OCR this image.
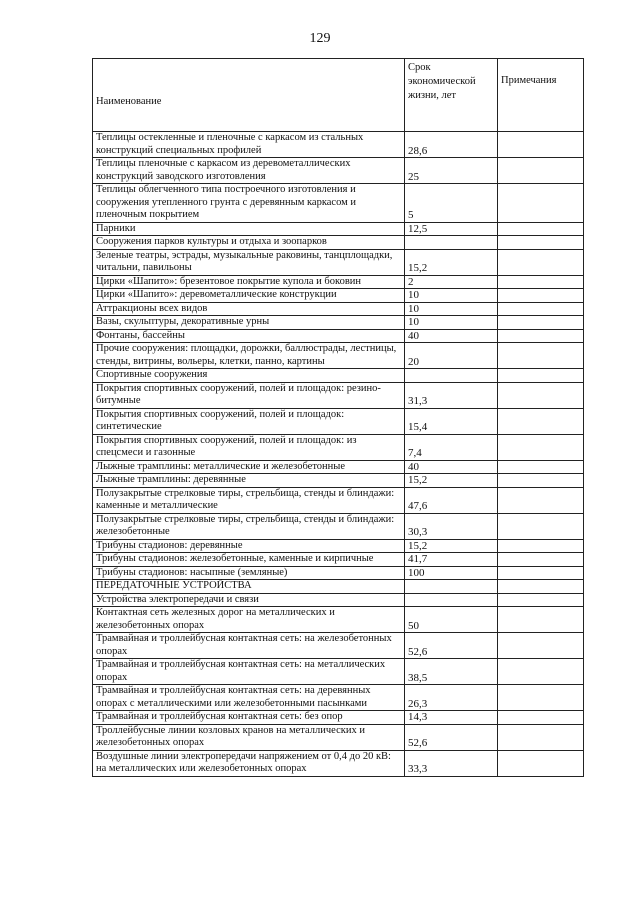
129
Наименование	Срок экономической жизни, лет	Примечания
Теплицы остекленные и пленочные с каркасом из стальных конструкций специальных профилей	28,6	
Теплицы пленочные с каркасом из деревометаллических конструкций заводского изготовления	25	
Теплицы облегченного типа построечного изготовления и сооружения утепленного грунта с деревянным каркасом и пленочным покрытием	5	
Парники	12,5	
Сооружения парков культуры и отдыха и зоопарков		
Зеленые театры, эстрады, музыкальные раковины, танцплощадки, читальни, павильоны	15,2	
Цирки «Шапито»: брезентовое покрытие купола и боковин	2	
Цирки «Шапито»: деревометаллические конструкции	10	
Аттракционы всех видов	10	
Вазы, скульптуры, декоративные урны	10	
Фонтаны, бассейны	40	
Прочие сооружения: площадки, дорожки, баллюстрады, лестницы, стенды, витрины, вольеры, клетки, панно, картины	20	
Спортивные сооружения		
Покрытия спортивных сооружений, полей и площадок: резино-битумные	31,3	
Покрытия спортивных сооружений, полей и площадок: синтетические	15,4	
Покрытия спортивных сооружений, полей и площадок: из спецсмеси и газонные	7,4	
Лыжные трамплины: металлические и железобетонные	40	
Лыжные трамплины: деревянные	15,2	
Полузакрытые стрелковые тиры, стрельбища, стенды и блиндажи: каменные и металлические	47,6	
Полузакрытые стрелковые тиры, стрельбища, стенды и блиндажи: железобетонные	30,3	
Трибуны стадионов: деревянные	15,2	
Трибуны стадионов: железобетонные, каменные и кирпичные	41,7	
Трибуны стадионов: насыпные (земляные)	100	
ПЕРЕДАТОЧНЫЕ УСТРОЙСТВА		
Устройства электропередачи и связи		
Контактная сеть железных дорог на металлических и железобетонных опорах	50	
Трамвайная и троллейбусная контактная сеть: на железобетонных опорах	52,6	
Трамвайная и троллейбусная контактная сеть: на металлических опорах	38,5	
Трамвайная и троллейбусная контактная сеть: на деревянных опорах с металлическими или железобетонными пасынками	26,3	
Трамвайная и троллейбусная контактная сеть: без опор	14,3	
Троллейбусные линии козловых кранов на металлических и железобетонных опорах	52,6	
Воздушные линии электропередачи напряжением от 0,4 до 20 кВ: на металлических или железобетонных опорах	33,3	
